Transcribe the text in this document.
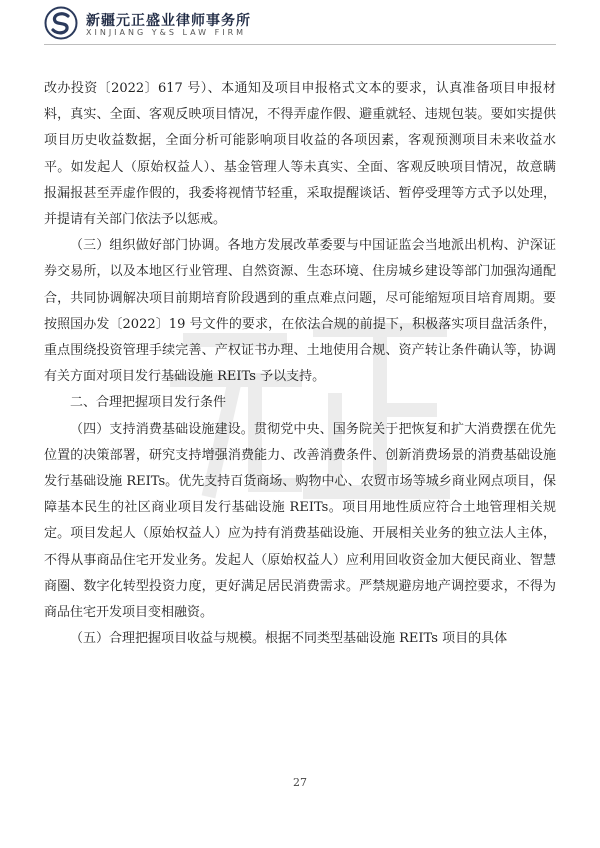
新疆元正盛业律师事务所
XINJIANG Y&S LAW FIRM

改办投资〔2022〕617 号）、本通知及项目申报格式文本的要求，认真准备项目申报材料，真实、全面、客观反映项目情况，不得弄虚作假、避重就轻、违规包装。要如实提供项目历史收益数据，全面分析可能影响项目收益的各项因素，客观预测项目未来收益水平。如发起人（原始权益人）、基金管理人等未真实、全面、客观反映项目情况，故意瞒报漏报甚至弄虚作假的，我委将视情节轻重，采取提醒谈话、暂停受理等方式予以处理，并提请有关部门依法予以惩戒。

（三）组织做好部门协调。各地方发展改革委要与中国证监会当地派出机构、沪深证券交易所，以及本地区行业管理、自然资源、生态环境、住房城乡建设等部门加强沟通配合，共同协调解决项目前期培育阶段遇到的重点难点问题，尽可能缩短项目培育周期。要按照国办发〔2022〕19 号文件的要求，在依法合规的前提下，积极落实项目盘活条件，重点围绕投资管理手续完善、产权证书办理、土地使用合规、资产转让条件确认等，协调有关方面对项目发行基础设施 REITs 予以支持。

二、合理把握项目发行条件

（四）支持消费基础设施建设。贯彻党中央、国务院关于把恢复和扩大消费摆在优先位置的决策部署，研究支持增强消费能力、改善消费条件、创新消费场景的消费基础设施发行基础设施 REITs。优先支持百货商场、购物中心、农贸市场等城乡商业网点项目，保障基本民生的社区商业项目发行基础设施 REITs。项目用地性质应符合土地管理相关规定。项目发起人（原始权益人）应为持有消费基础设施、开展相关业务的独立法人主体，不得从事商品住宅开发业务。发起人（原始权益人）应利用回收资金加大便民商业、智慧商圈、数字化转型投资力度，更好满足居民消费需求。严禁规避房地产调控要求，不得为商品住宅开发项目变相融资。

（五）合理把握项目收益与规模。根据不同类型基础设施 REITs 项目的具体

27
